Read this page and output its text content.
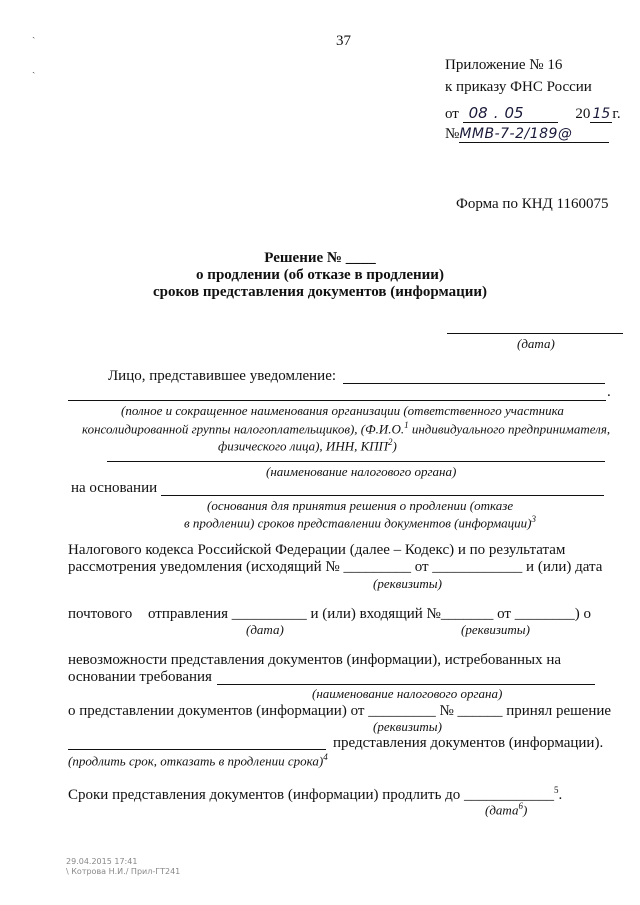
37
ˏ
ˏ	Приложение № 16
к приказу ФНС России
от 08 . 05	20 15 г.
№ММВ-7-2/189@
Форма по КНД 1160075
Решение № ____
о продлении (об отказе в продлении)
сроков представления документов (информации)
(дата)
Лицо, представившее уведомление:
.
(полное и сокращенное наименования организации (ответственного участника
консолидированной группы налогоплательщиков), (Ф.И.О.$^1$ индивидуального предпринимателя,
физического лица), ИНН, КПП$^2$)
(наименование налогового органа)
на основании
(основания для принятия решения о продлении (отказе
в продлении) сроков представлении документов (информации)$^3$
Налогового кодекса Российской Федерации (далее – Кодекс) и по результатам
рассмотрения уведомления (исходящий № _________ от ____________ и (или) дата
(реквизиты)
почтового отправления __________ и (или) входящий №_______ от ________) о
(дата)	(реквизиты)
невозможности представления документов (информации), истребованных на
основании требования
(наименование налогового органа)
о представлении документов (информации) от _________ № ______ принял решение
(реквизиты)
представления документов (информации).
(продлить срок, отказать в продлении срока)$^4$
Сроки представления документов (информации) продлить до ____________$^5$.
(дата$^6$)
29.04.2015 17:41
\ Котрова Н.И./ Прил-ГТ241
